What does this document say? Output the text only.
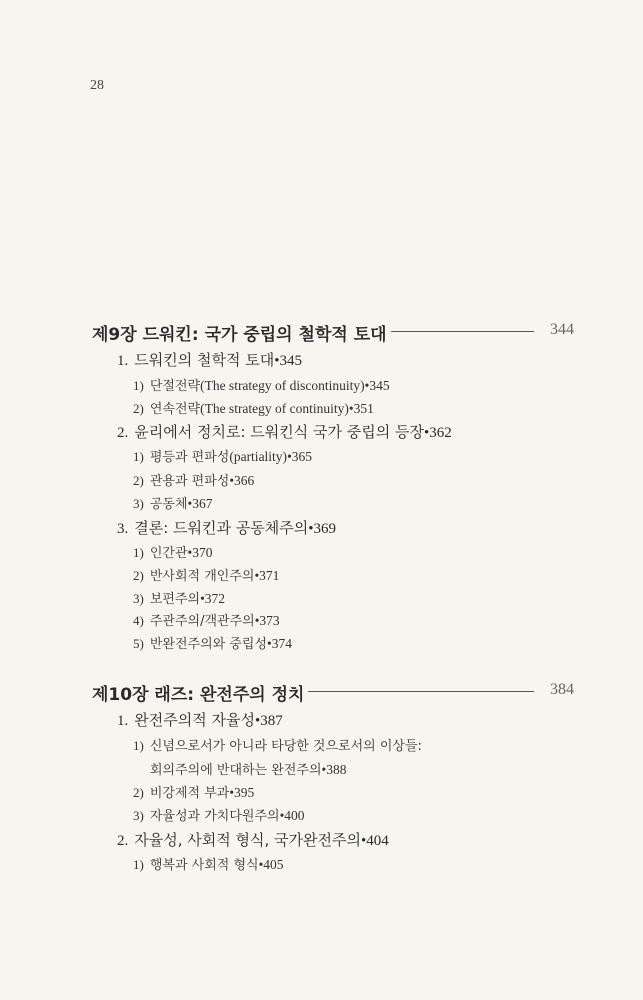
28
제9장 드워킨: 국가 중립의 철학적 토대	344
1. 드워킨의 철학적 토대•345
1) 단절전략(The strategy of discontinuity)•345
2) 연속전략(The strategy of continuity)•351
2. 윤리에서 정치로: 드워킨식 국가 중립의 등장•362
1) 평등과 편파성(partiality)•365
2) 관용과 편파성•366
3) 공동체•367
3. 결론: 드워킨과 공동체주의•369
1) 인간관•370
2) 반사회적 개인주의•371
3) 보편주의•372
4) 주관주의/객관주의•373
5) 반완전주의와 중립성•374
제10장 래즈: 완전주의 정치	384
1. 완전주의적 자율성•387
1) 신념으로서가 아니라 타당한 것으로서의 이상들:
회의주의에 반대하는 완전주의•388
2) 비강제적 부과•395
3) 자율성과 가치다원주의•400
2. 자율성, 사회적 형식, 국가완전주의•404
1) 행복과 사회적 형식•405
